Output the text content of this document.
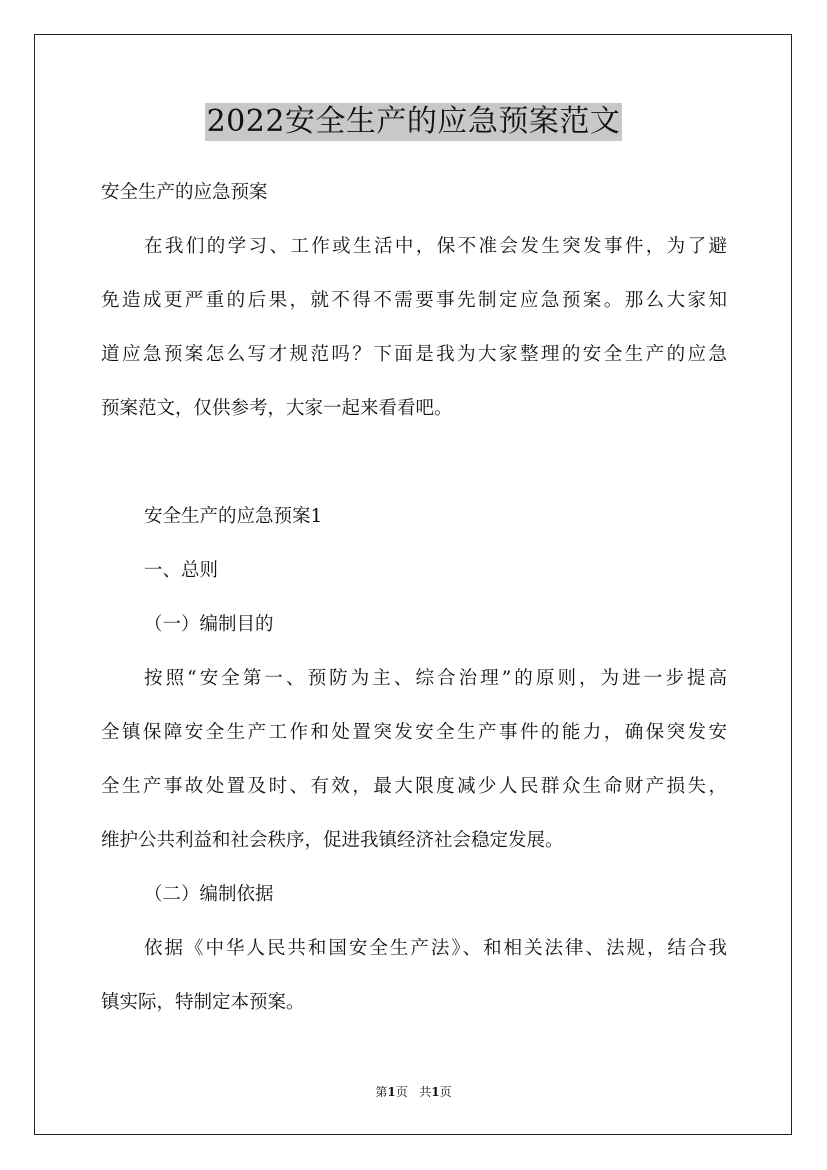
2022安全生产的应急预案范文
安全生产的应急预案
在我们的学习、工作或生活中，保不准会发生突发事件，为了避
免造成更严重的后果，就不得不需要事先制定应急预案。那么大家知
道应急预案怎么写才规范吗？下面是我为大家整理的安全生产的应急
预案范文，仅供参考，大家一起来看看吧。
安全生产的应急预案1
一、总则
（一）编制目的
按照“安全第一、预防为主、综合治理”的原则，为进一步提高
全镇保障安全生产工作和处置突发安全生产事件的能力，确保突发安
全生产事故处置及时、有效，最大限度减少人民群众生命财产损失，
维护公共利益和社会秩序，促进我镇经济社会稳定发展。
（二）编制依据
依据《中华人民共和国安全生产法》、和相关法律、法规，结合我
镇实际，特制定本预案。
第1页 共1页
